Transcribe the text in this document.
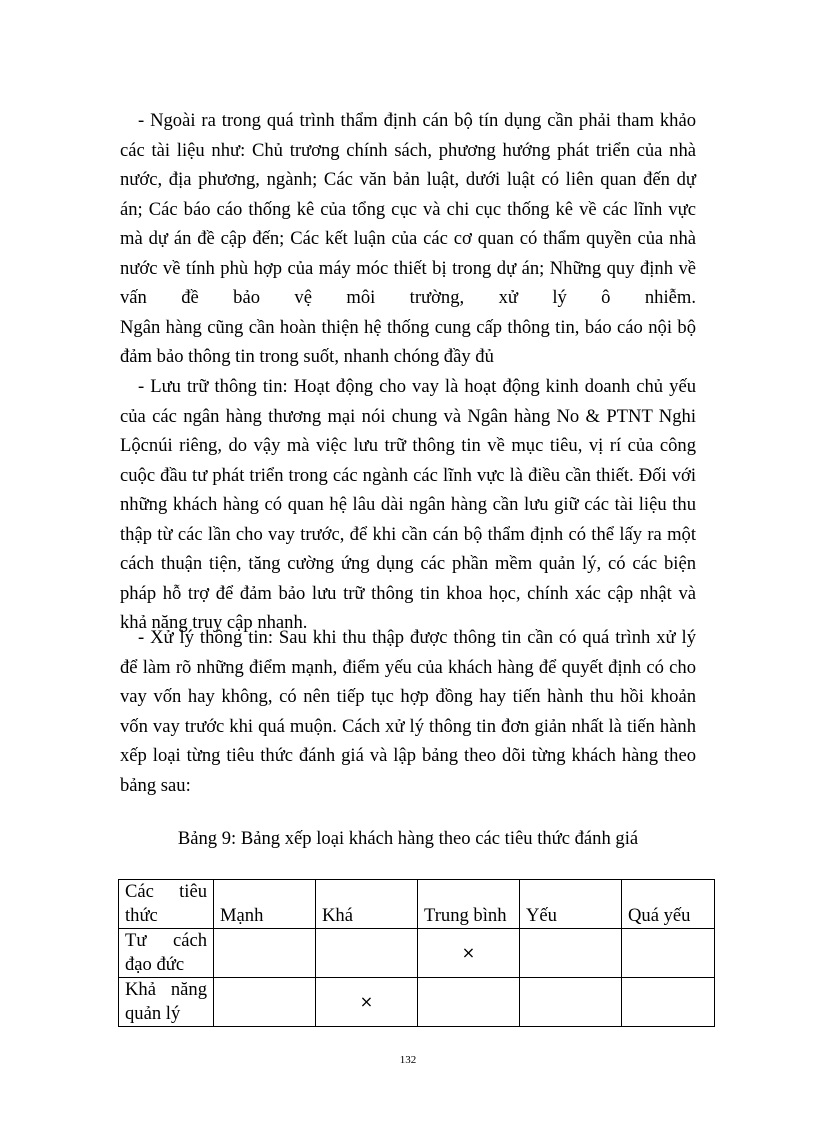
- Ngoài ra trong quá trình thẩm định cán bộ tín dụng cần phải tham khảo
các tài liệu như: Chủ trương chính sách, phương hướng phát triển của nhà
nước, địa phương, ngành; Các văn bản luật, dưới luật có liên quan đến dự
án; Các báo cáo thống kê của tổng cục và chi cục thống kê về các lĩnh vực
mà dự án đề cập đến; Các kết luận của các cơ quan có thẩm quyền của nhà
nước về tính phù hợp của máy móc thiết bị trong dự án; Những quy định về
vấn đề bảo vệ môi trường, xử lý ô nhiễm.
Ngân hàng cũng cần hoàn thiện hệ thống cung cấp thông tin, báo cáo nội bộ
đảm bảo thông tin trong suốt, nhanh chóng đầy đủ
- Lưu trữ thông tin: Hoạt động cho vay là hoạt động kinh doanh chủ yếu
của các ngân hàng thương mại nói chung và Ngân hàng No & PTNT Nghi
Lộcnúi riêng, do vậy mà việc lưu trữ thông tin về mục tiêu, vị rí của công
cuộc đầu tư phát triển trong các ngành các lĩnh vực là điều cần thiết. Đối với
những khách hàng có quan hệ lâu dài ngân hàng cần lưu giữ các tài liệu thu
thập từ các lần cho vay trước, để khi cần cán bộ thẩm định có thể lấy ra một
cách thuận tiện, tăng cường ứng dụng các phần mềm quản lý, có các biện
pháp hỗ trợ để đảm bảo lưu trữ thông tin khoa học, chính xác cập nhật và
khả năng truy cập nhanh.
- Xử lý thông tin: Sau khi thu thập được thông tin cần có quá trình xử lý
để làm rõ những điểm mạnh, điểm yếu của khách hàng để quyết định có cho
vay vốn hay không, có nên tiếp tục hợp đồng hay tiến hành thu hồi khoản
vốn vay trước khi quá muộn. Cách xử lý thông tin đơn giản nhất là tiến hành
xếp loại từng tiêu thức đánh giá và lập bảng theo dõi từng khách hàng theo
bảng sau:
Bảng 9: Bảng xếp loại khách hàng theo các tiêu thức đánh giá
Các tiêu
thức	Mạnh	Khá	Trung bình	Yếu	Quá yếu

Tư cách
đạo đức			×		

Khả năng
quản lý		×			
132
